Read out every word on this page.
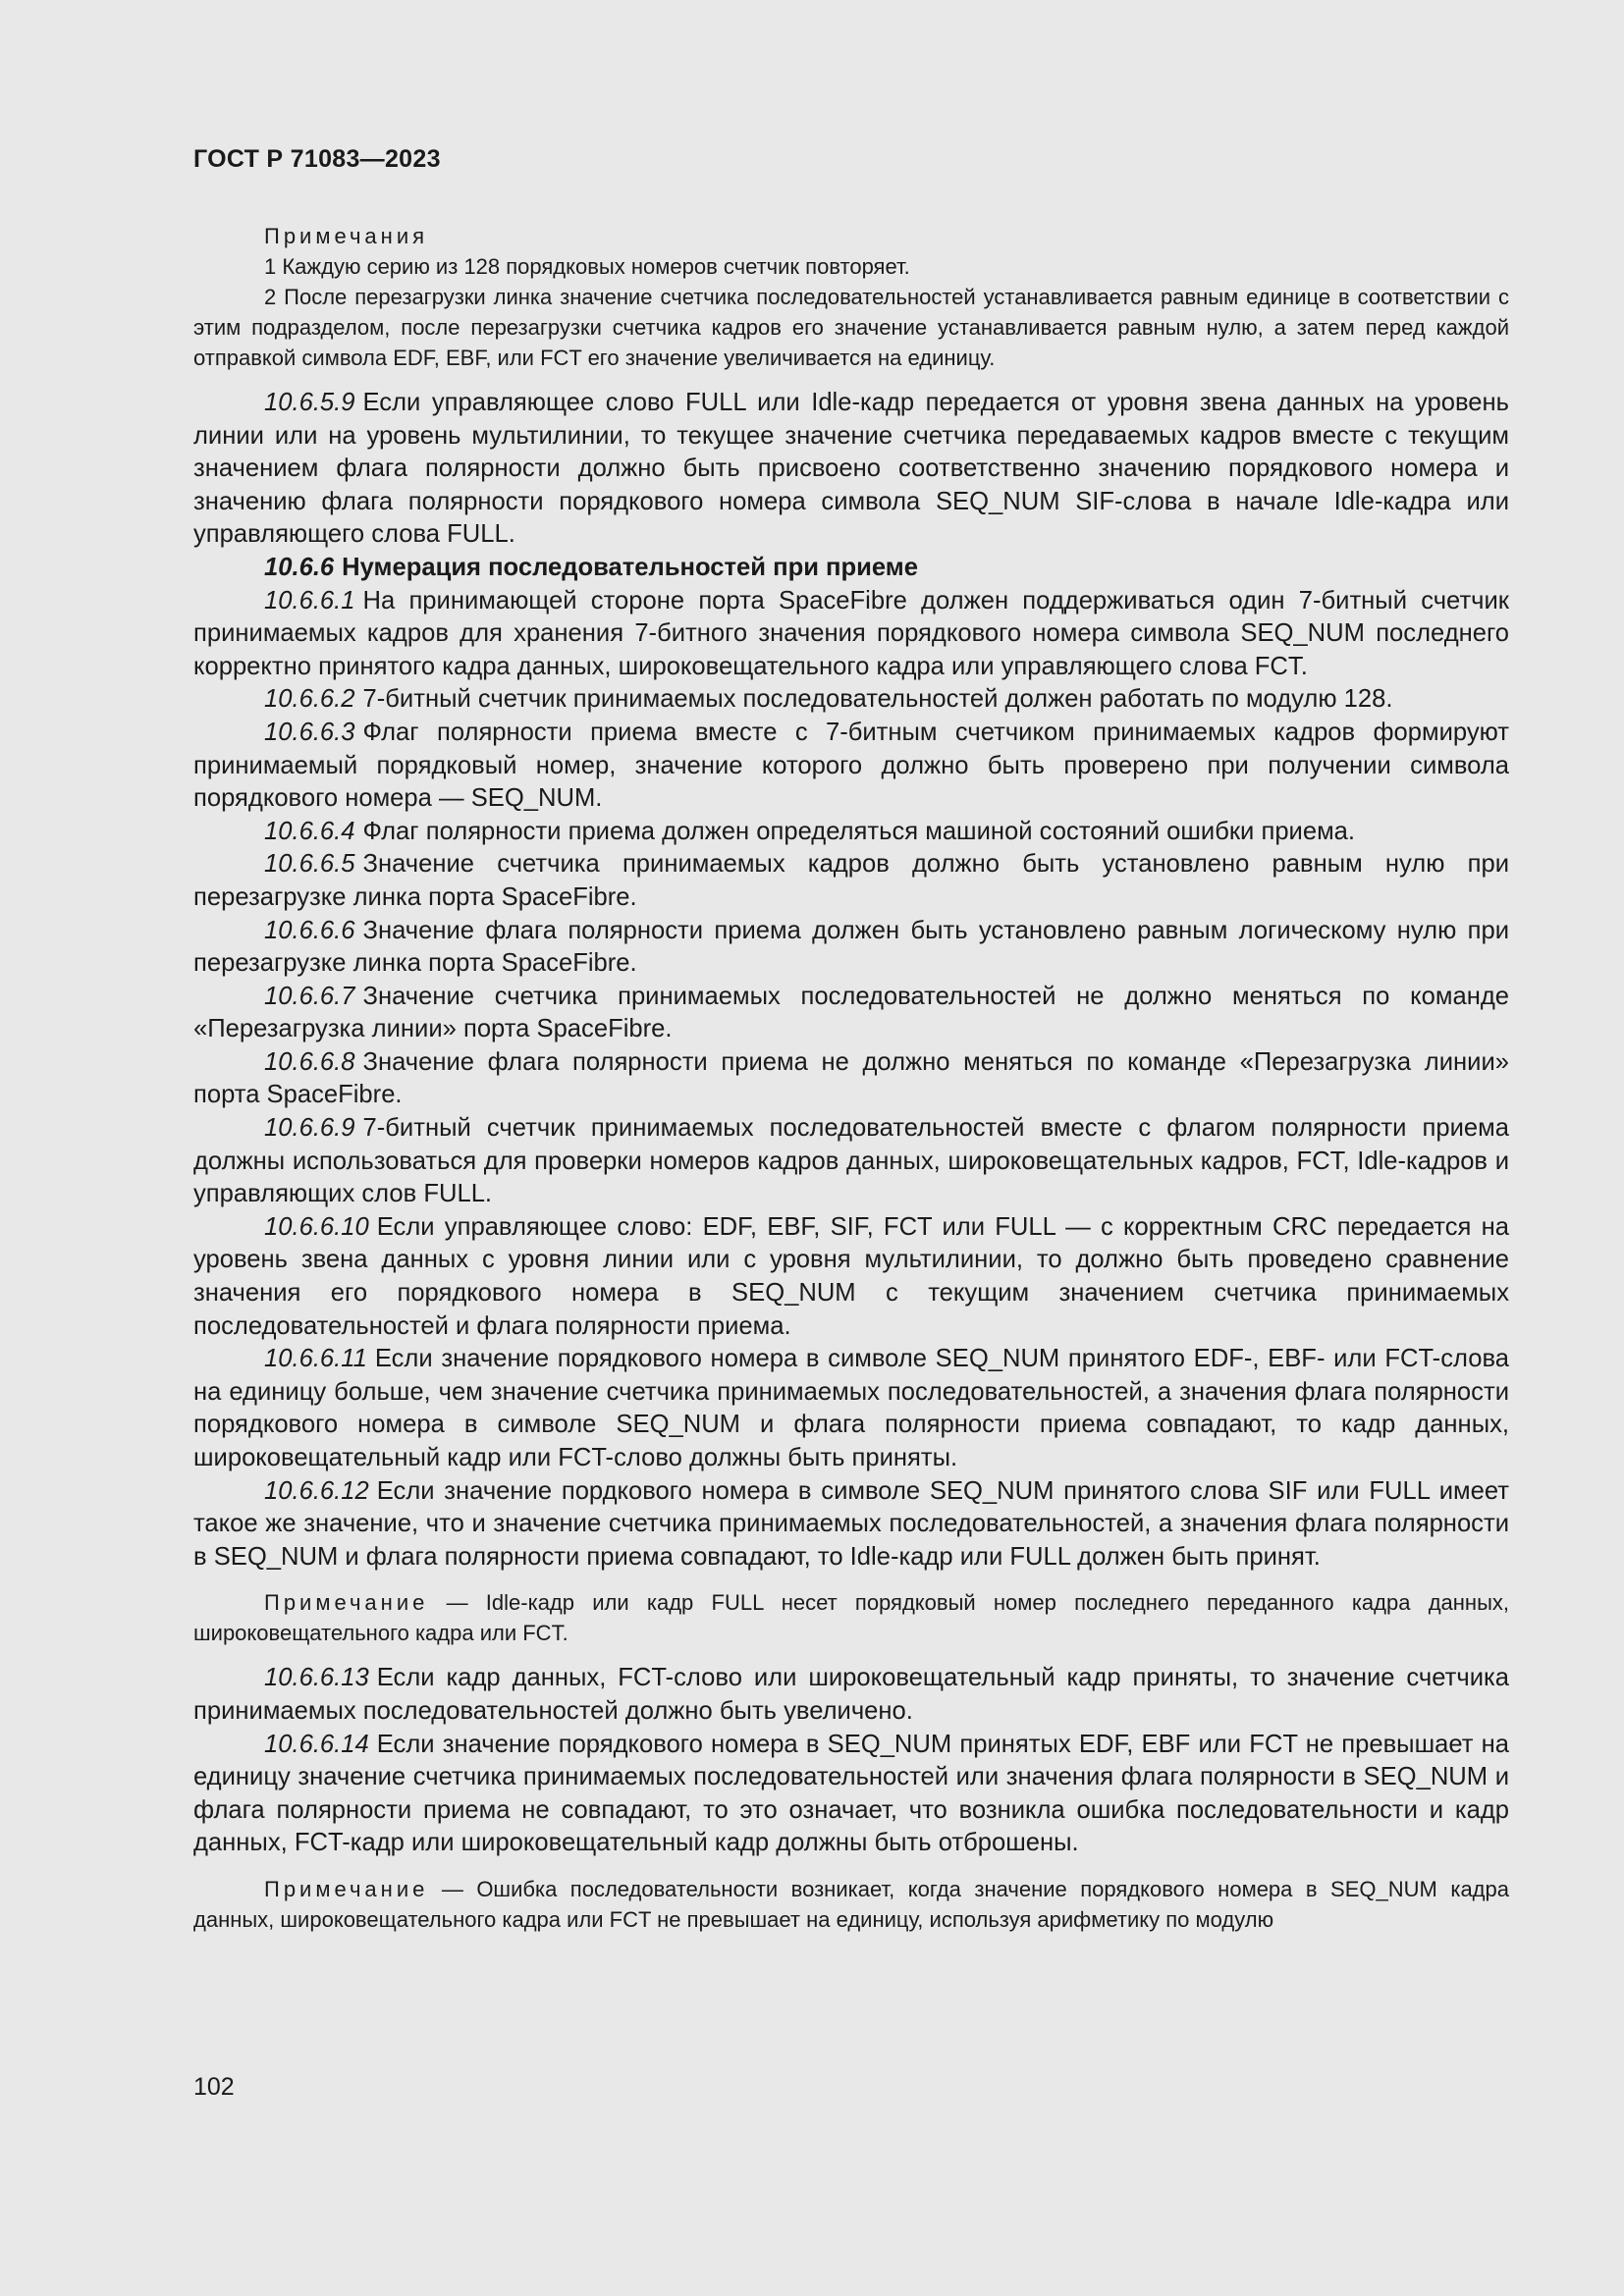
ГОСТ Р 71083—2023
Примечания
1 Каждую серию из 128 порядковых номеров счетчик повторяет.
2 После перезагрузки линка значение счетчика последовательностей устанавливается равным единице в соответствии с этим подразделом, после перезагрузки счетчика кадров его значение устанавливается равным нулю, а затем перед каждой отправкой символа EDF, EBF, или FCT его значение увеличивается на единицу.
10.6.5.9 Если управляющее слово FULL или Idle-кадр передается от уровня звена данных на уровень линии или на уровень мультилинии, то текущее значение счетчика передаваемых кадров вместе с текущим значением флага полярности должно быть присвоено соответственно значению порядкового номера и значению флага полярности порядкового номера символа SEQ_NUM SIF-слова в начале Idle-кадра или управляющего слова FULL.
10.6.6 Нумерация последовательностей при приеме
10.6.6.1 На принимающей стороне порта SpaceFibre должен поддерживаться один 7-битный счетчик принимаемых кадров для хранения 7-битного значения порядкового номера символа SEQ_NUM последнего корректно принятого кадра данных, широковещательного кадра или управляющего слова FCT.
10.6.6.2 7-битный счетчик принимаемых последовательностей должен работать по модулю 128.
10.6.6.3 Флаг полярности приема вместе с 7-битным счетчиком принимаемых кадров формируют принимаемый порядковый номер, значение которого должно быть проверено при получении символа порядкового номера — SEQ_NUM.
10.6.6.4 Флаг полярности приема должен определяться машиной состояний ошибки приема.
10.6.6.5 Значение счетчика принимаемых кадров должно быть установлено равным нулю при перезагрузке линка порта SpaceFibre.
10.6.6.6 Значение флага полярности приема должен быть установлено равным логическому нулю при перезагрузке линка порта SpaceFibre.
10.6.6.7 Значение счетчика принимаемых последовательностей не должно меняться по команде «Перезагрузка линии» порта SpaceFibre.
10.6.6.8 Значение флага полярности приема не должно меняться по команде «Перезагрузка линии» порта SpaceFibre.
10.6.6.9 7-битный счетчик принимаемых последовательностей вместе с флагом полярности приема должны использоваться для проверки номеров кадров данных, широковещательных кадров, FCT, Idle-кадров и управляющих слов FULL.
10.6.6.10 Если управляющее слово: EDF, EBF, SIF, FCT или FULL — с корректным CRC передается на уровень звена данных с уровня линии или с уровня мультилинии, то должно быть проведено сравнение значения его порядкового номера в SEQ_NUM с текущим значением счетчика принимаемых последовательностей и флага полярности приема.
10.6.6.11 Если значение порядкового номера в символе SEQ_NUM принятого EDF-, EBF- или FCT-слова на единицу больше, чем значение счетчика принимаемых последовательностей, а значения флага полярности порядкового номера в символе SEQ_NUM и флага полярности приема совпадают, то кадр данных, широковещательный кадр или FCT-слово должны быть приняты.
10.6.6.12 Если значение пордкового номера в символе SEQ_NUM принятого слова SIF или FULL имеет такое же значение, что и значение счетчика принимаемых последовательностей, а значения флага полярности в SEQ_NUM и флага полярности приема совпадают, то Idle-кадр или FULL должен быть принят.
Примечание — Idle-кадр или кадр FULL несет порядковый номер последнего переданного кадра данных, широковещательного кадра или FCT.
10.6.6.13 Если кадр данных, FCT-слово или широковещательный кадр приняты, то значение счетчика принимаемых последовательностей должно быть увеличено.
10.6.6.14 Если значение порядкового номера в SEQ_NUM принятых EDF, EBF или FCT не превышает на единицу значение счетчика принимаемых последовательностей или значения флага полярности в SEQ_NUM и флага полярности приема не совпадают, то это означает, что возникла ошибка последовательности и кадр данных, FCT-кадр или широковещательный кадр должны быть отброшены.
Примечание — Ошибка последовательности возникает, когда значение порядкового номера в SEQ_NUM кадра данных, широковещательного кадра или FCT не превышает на единицу, используя арифметику по модулю
102
